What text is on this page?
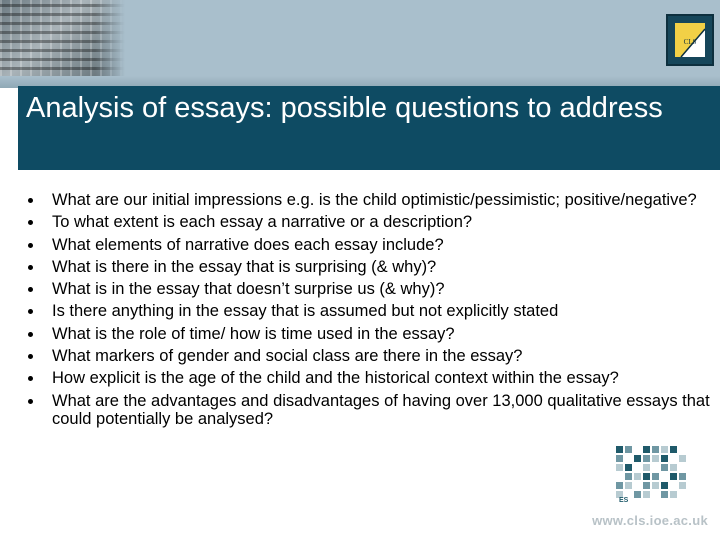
CLS
Analysis of essays: possible questions to address
What are our initial impressions e.g. is the child optimistic/pessimistic; positive/negative?
To what extent is each essay a narrative or a description?
What elements of narrative does each essay include?
What is there in the essay that is surprising (& why)?
What is in the essay that doesn’t surprise us (& why)?
Is there anything in the essay that is assumed but not explicitly stated
What is the role of time/ how is time used in the essay?
What markers of gender and social class are there in the essay?
How explicit is the age of the child and the historical context within the essay?
What are the advantages and disadvantages of having over 13,000 qualitative essays that could potentially be analysed?
ES
www.cls.ioe.ac.uk
